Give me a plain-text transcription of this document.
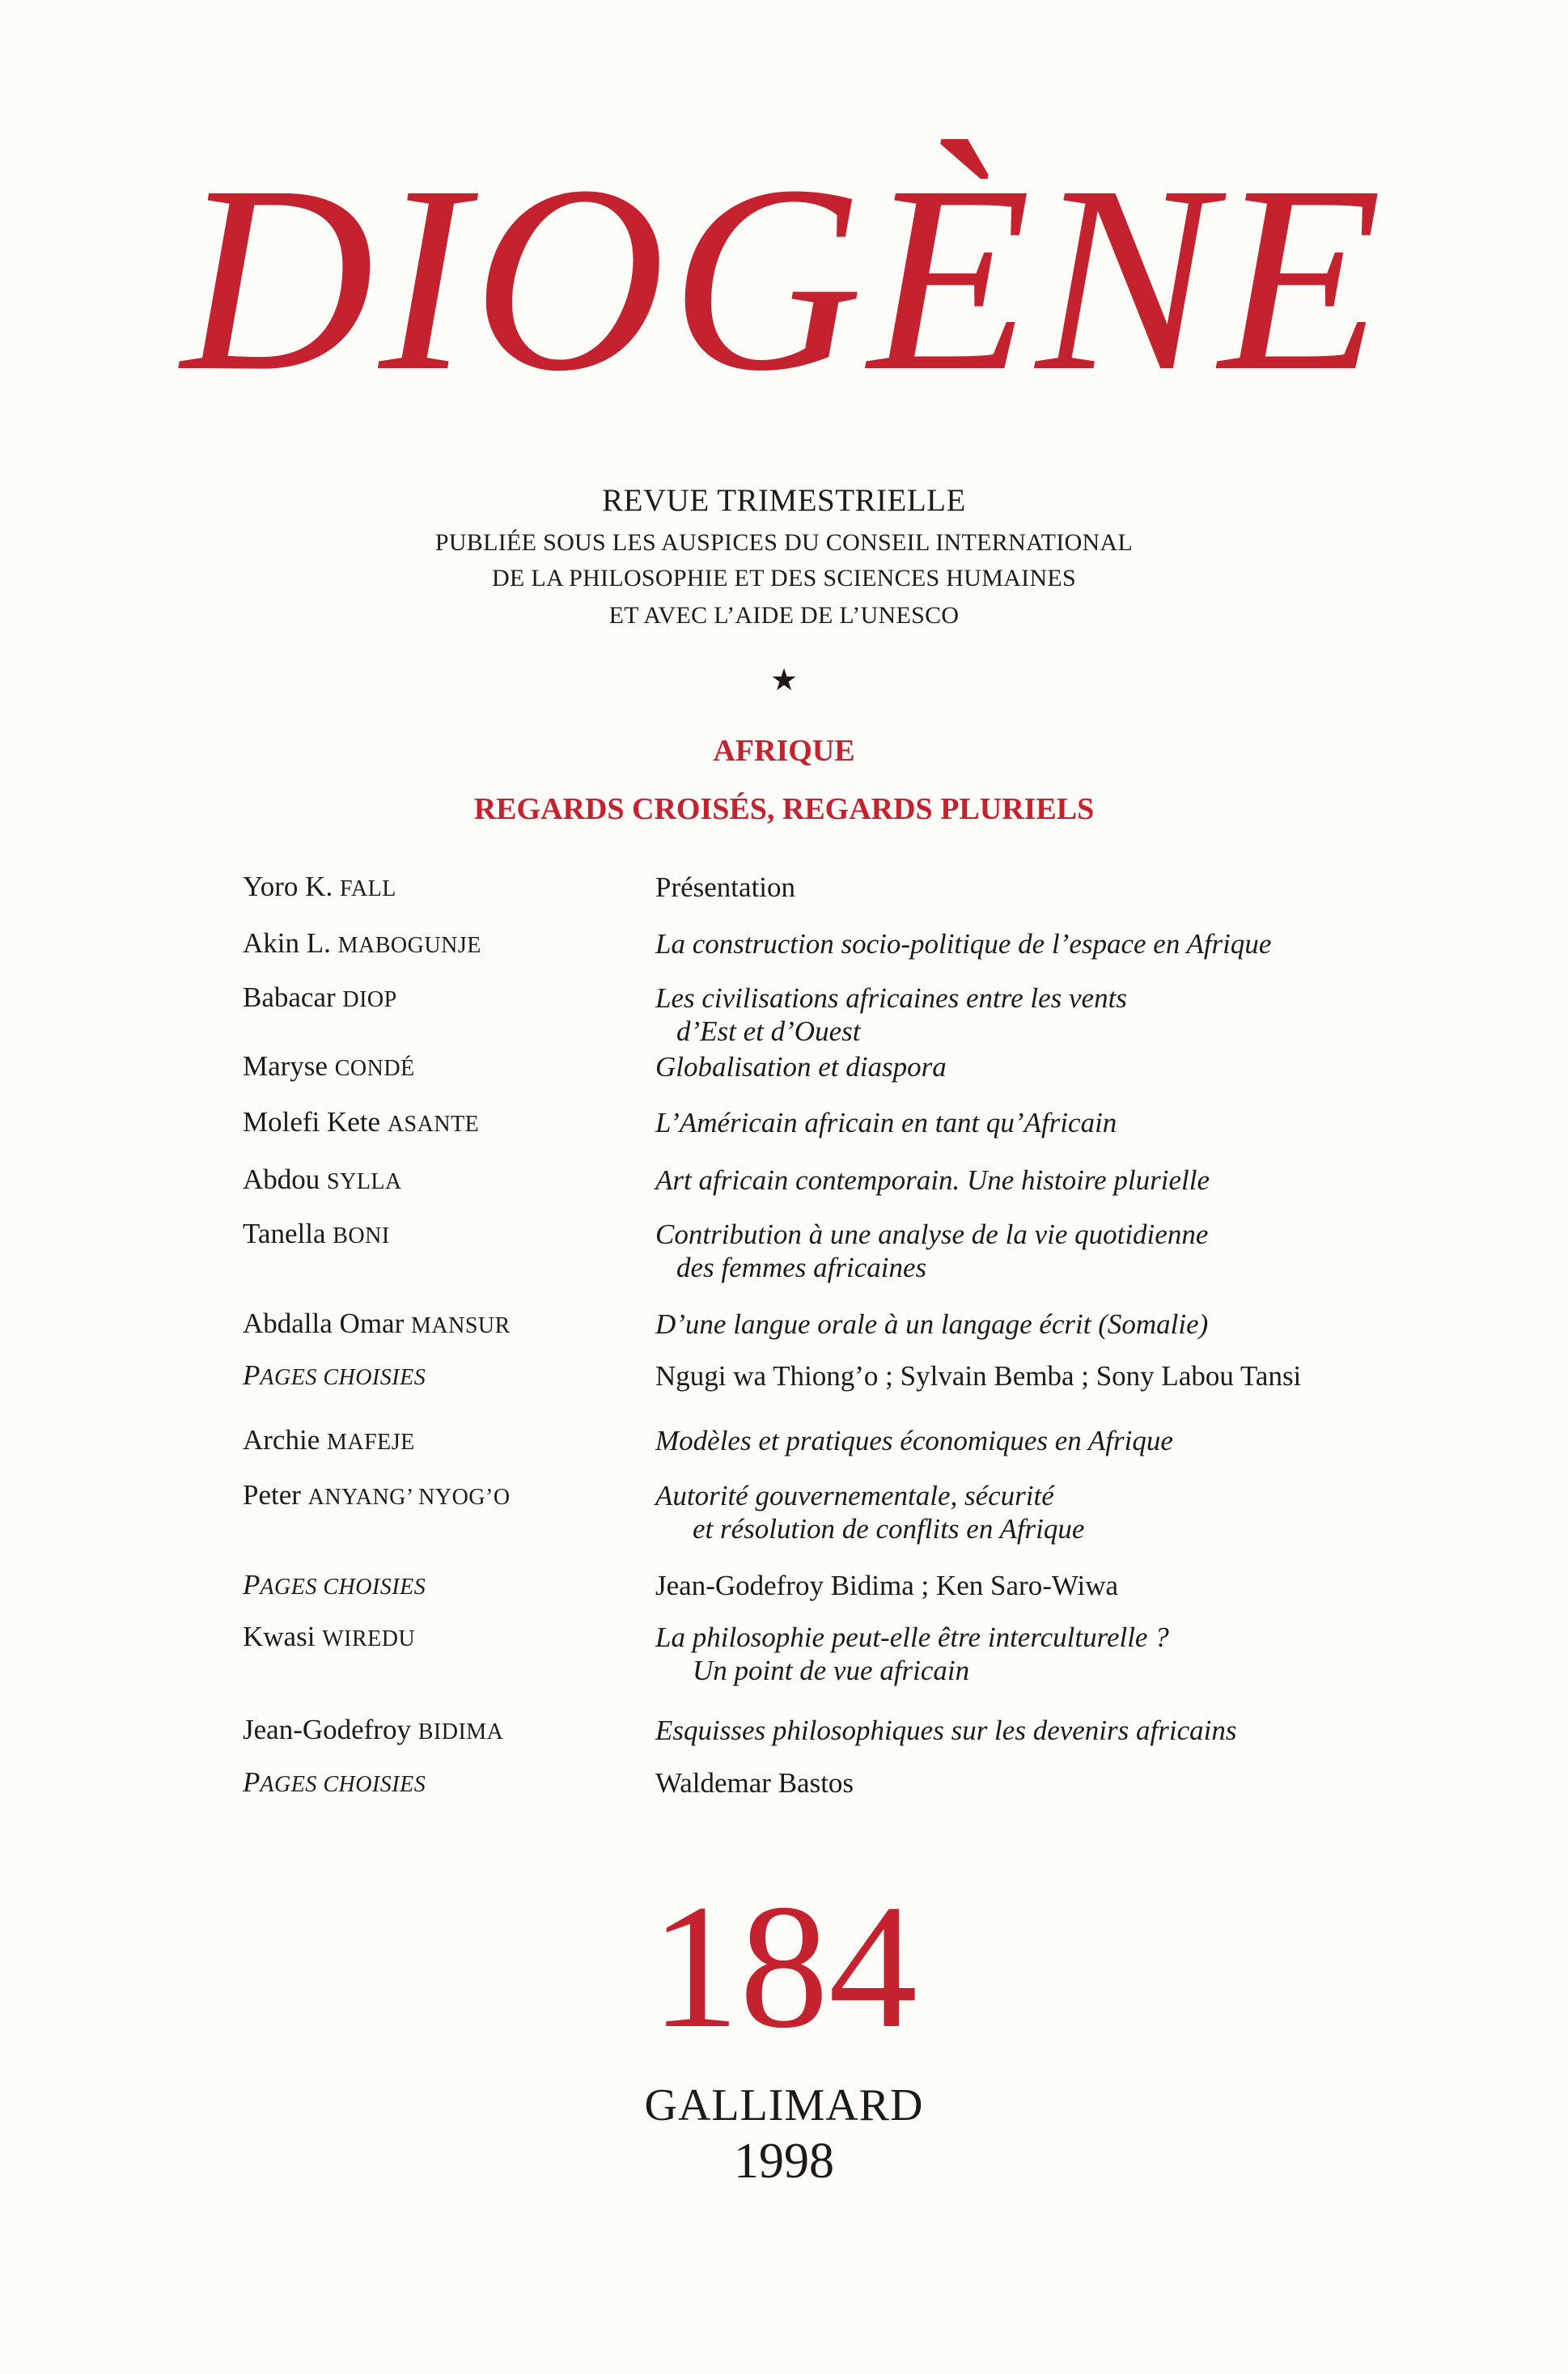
DIOGÈNE
REVUE TRIMESTRIELLE
PUBLIÉE SOUS LES AUSPICES DU CONSEIL INTERNATIONAL
DE LA PHILOSOPHIE ET DES SCIENCES HUMAINES
ET AVEC L’AIDE DE L’UNESCO
★
AFRIQUE
REGARDS CROISÉS, REGARDS PLURIELS
Yoro K. FALL	Présentation
Akin L. MABOGUNJE	La construction socio-politique de l’espace en Afrique
Babacar DIOP	Les civilisations africaines entre les vents
d’Est et d’Ouest
Maryse CONDÉ	Globalisation et diaspora
Molefi Kete ASANTE	L’Américain africain en tant qu’Africain
Abdou SYLLA	Art africain contemporain. Une histoire plurielle
Tanella BONI	Contribution à une analyse de la vie quotidienne
des femmes africaines
Abdalla Omar MANSUR	D’une langue orale à un langage écrit (Somalie)
PAGES CHOISIES	Ngugi wa Thiong’o ; Sylvain Bemba ; Sony Labou Tansi
Archie MAFEJE	Modèles et pratiques économiques en Afrique
Peter ANYANG’ NYOG’O	Autorité gouvernementale, sécurité
et résolution de conflits en Afrique
PAGES CHOISIES	Jean-Godefroy Bidima ; Ken Saro-Wiwa
Kwasi WIREDU	La philosophie peut-elle être interculturelle ?
Un point de vue africain
Jean-Godefroy BIDIMA	Esquisses philosophiques sur les devenirs africains
PAGES CHOISIES	Waldemar Bastos
184
GALLIMARD
1998
